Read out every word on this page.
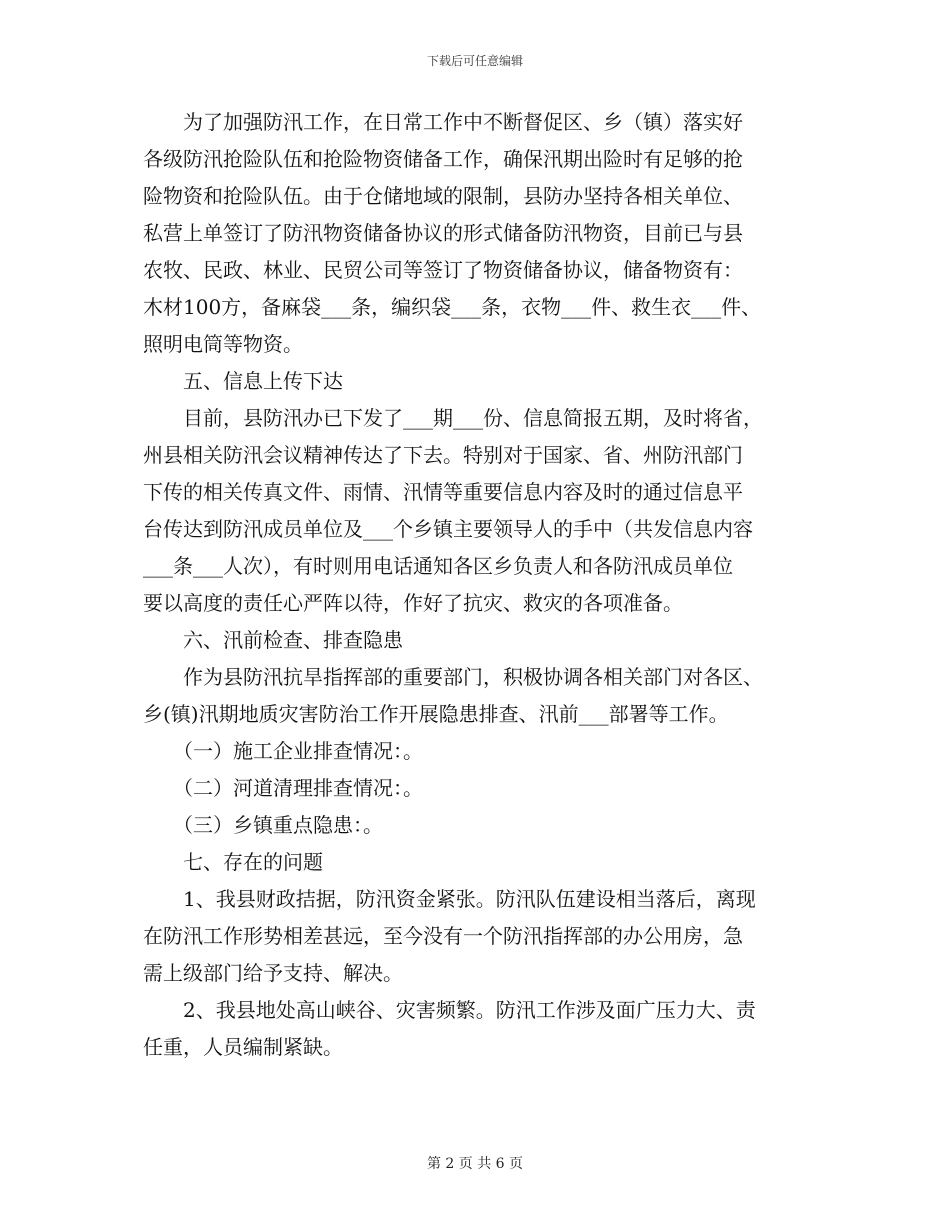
下载后可任意编辑
　　为了加强防汛工作，在日常工作中不断督促区、乡（镇）落实好
各级防汛抢险队伍和抢险物资储备工作，确保汛期出险时有足够的抢
险物资和抢险队伍。由于仓储地域的限制，县防办坚持各相关单位、
私营上单签订了防汛物资储备协议的形式储备防汛物资，目前已与县
农牧、民政、林业、民贸公司等签订了物资储备协议，储备物资有：
木材100方，备麻袋___条，编织袋___条，衣物___件、救生衣___件、
照明电筒等物资。
　　五、信息上传下达
　　目前，县防汛办已下发了___期___份、信息简报五期，及时将省，
州县相关防汛会议精神传达了下去。特别对于国家、省、州防汛部门
下传的相关传真文件、雨情、汛情等重要信息内容及时的通过信息平
台传达到防汛成员单位及___个乡镇主要领导人的手中（共发信息内容
___条___人次），有时则用电话通知各区乡负责人和各防汛成员单位
要以高度的责任心严阵以待，作好了抗灾、救灾的各项准备。
　　六、汛前检查、排查隐患
　　作为县防汛抗旱指挥部的重要部门，积极协调各相关部门对各区、
乡(镇)汛期地质灾害防治工作开展隐患排查、汛前___部署等工作。
　　（一）施工企业排查情况：。
　　（二）河道清理排查情况：。
　　（三）乡镇重点隐患：。
　　七、存在的问题
　　1、我县财政拮据，防汛资金紧张。防汛队伍建设相当落后，离现
在防汛工作形势相差甚远，至今没有一个防汛指挥部的办公用房，急
需上级部门给予支持、解决。
　　2、我县地处高山峡谷、灾害频繁。防汛工作涉及面广压力大、责
任重，人员编制紧缺。
第 2 页 共 6 页
